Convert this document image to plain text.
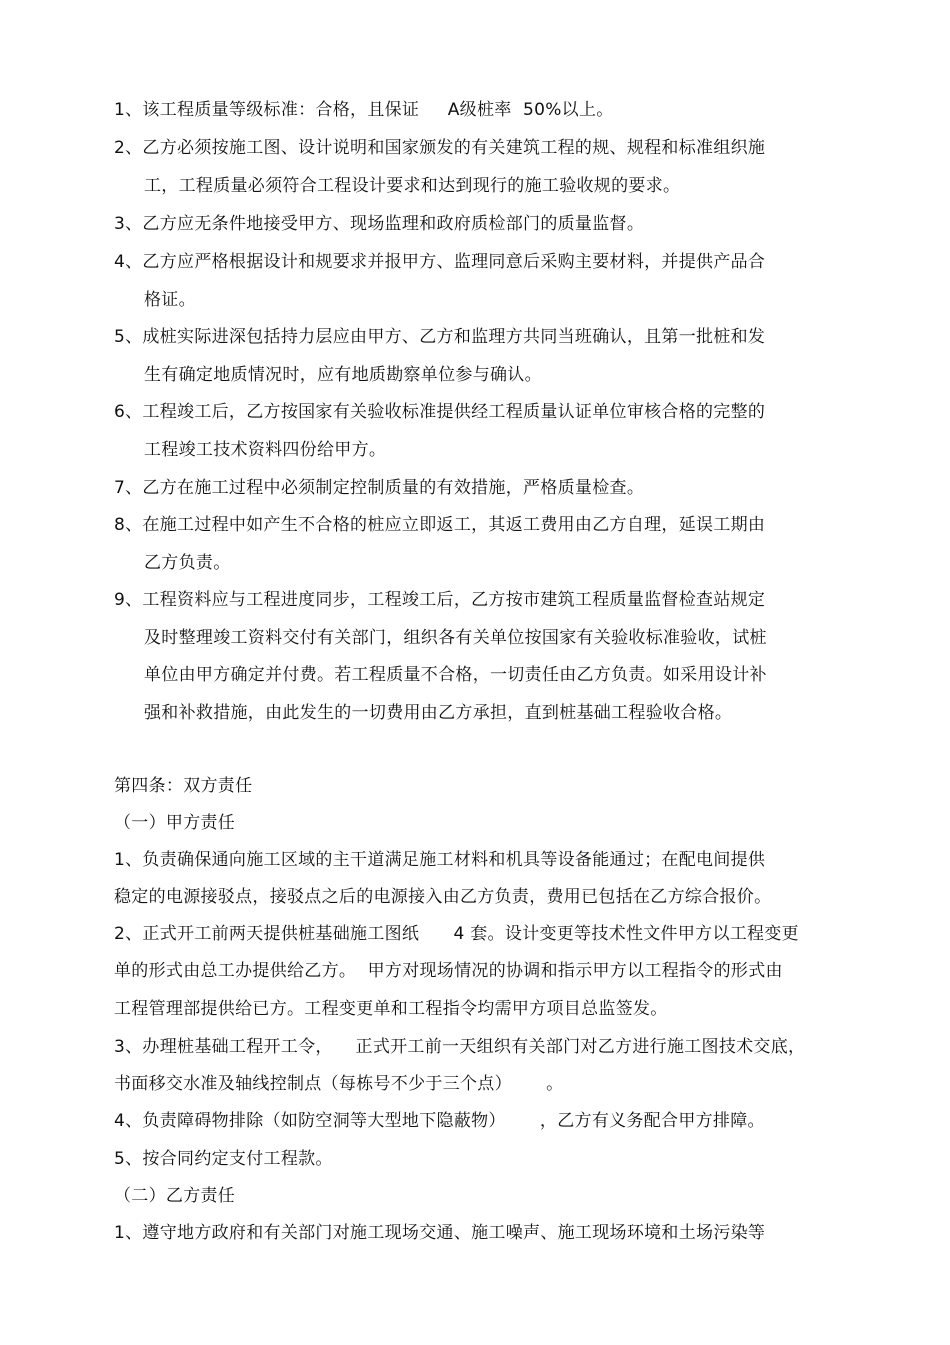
1、该工程质量等级标准：合格，且保证     A级桩率  50%以上。
2、乙方必须按施工图、设计说明和国家颁发的有关建筑工程的规、规程和标准组织施
工，工程质量必须符合工程设计要求和达到现行的施工验收规的要求。
3、乙方应无条件地接受甲方、现场监理和政府质检部门的质量监督。
4、乙方应严格根据设计和规要求并报甲方、监理同意后采购主要材料，并提供产品合
格证。
5、成桩实际进深包括持力层应由甲方、乙方和监理方共同当班确认，且第一批桩和发
生有确定地质情况时，应有地质勘察单位参与确认。
6、工程竣工后，乙方按国家有关验收标准提供经工程质量认证单位审核合格的完整的
工程竣工技术资料四份给甲方。
7、乙方在施工过程中必须制定控制质量的有效措施，严格质量检查。
8、在施工过程中如产生不合格的桩应立即返工，其返工费用由乙方自理，延误工期由
乙方负责。
9、工程资料应与工程进度同步，工程竣工后，乙方按市建筑工程质量监督检查站规定
及时整理竣工资料交付有关部门，组织各有关单位按国家有关验收标准验收，试桩
单位由甲方确定并付费。若工程质量不合格，一切责任由乙方负责。如采用设计补
强和补救措施，由此发生的一切费用由乙方承担，直到桩基础工程验收合格。
第四条：双方责任
（一）甲方责任
1、负责确保通向施工区域的主干道满足施工材料和机具等设备能通过；在配电间提供
稳定的电源接驳点，接驳点之后的电源接入由乙方负责，费用已包括在乙方综合报价。
2、正式开工前两天提供桩基础施工图纸      4 套。设计变更等技术性文件甲方以工程变更
单的形式由总工办提供给乙方。  甲方对现场情况的协调和指示甲方以工程指令的形式由
工程管理部提供给已方。工程变更单和工程指令均需甲方项目总监签发。
3、办理桩基础工程开工令，    正式开工前一天组织有关部门对乙方进行施工图技术交底，
书面移交水准及轴线控制点（每栋号不少于三个点）      。
4、负责障碍物排除（如防空洞等大型地下隐蔽物）      ，乙方有义务配合甲方排障。
5、按合同约定支付工程款。
（二）乙方责任
1、遵守地方政府和有关部门对施工现场交通、施工噪声、施工现场环境和土场污染等
